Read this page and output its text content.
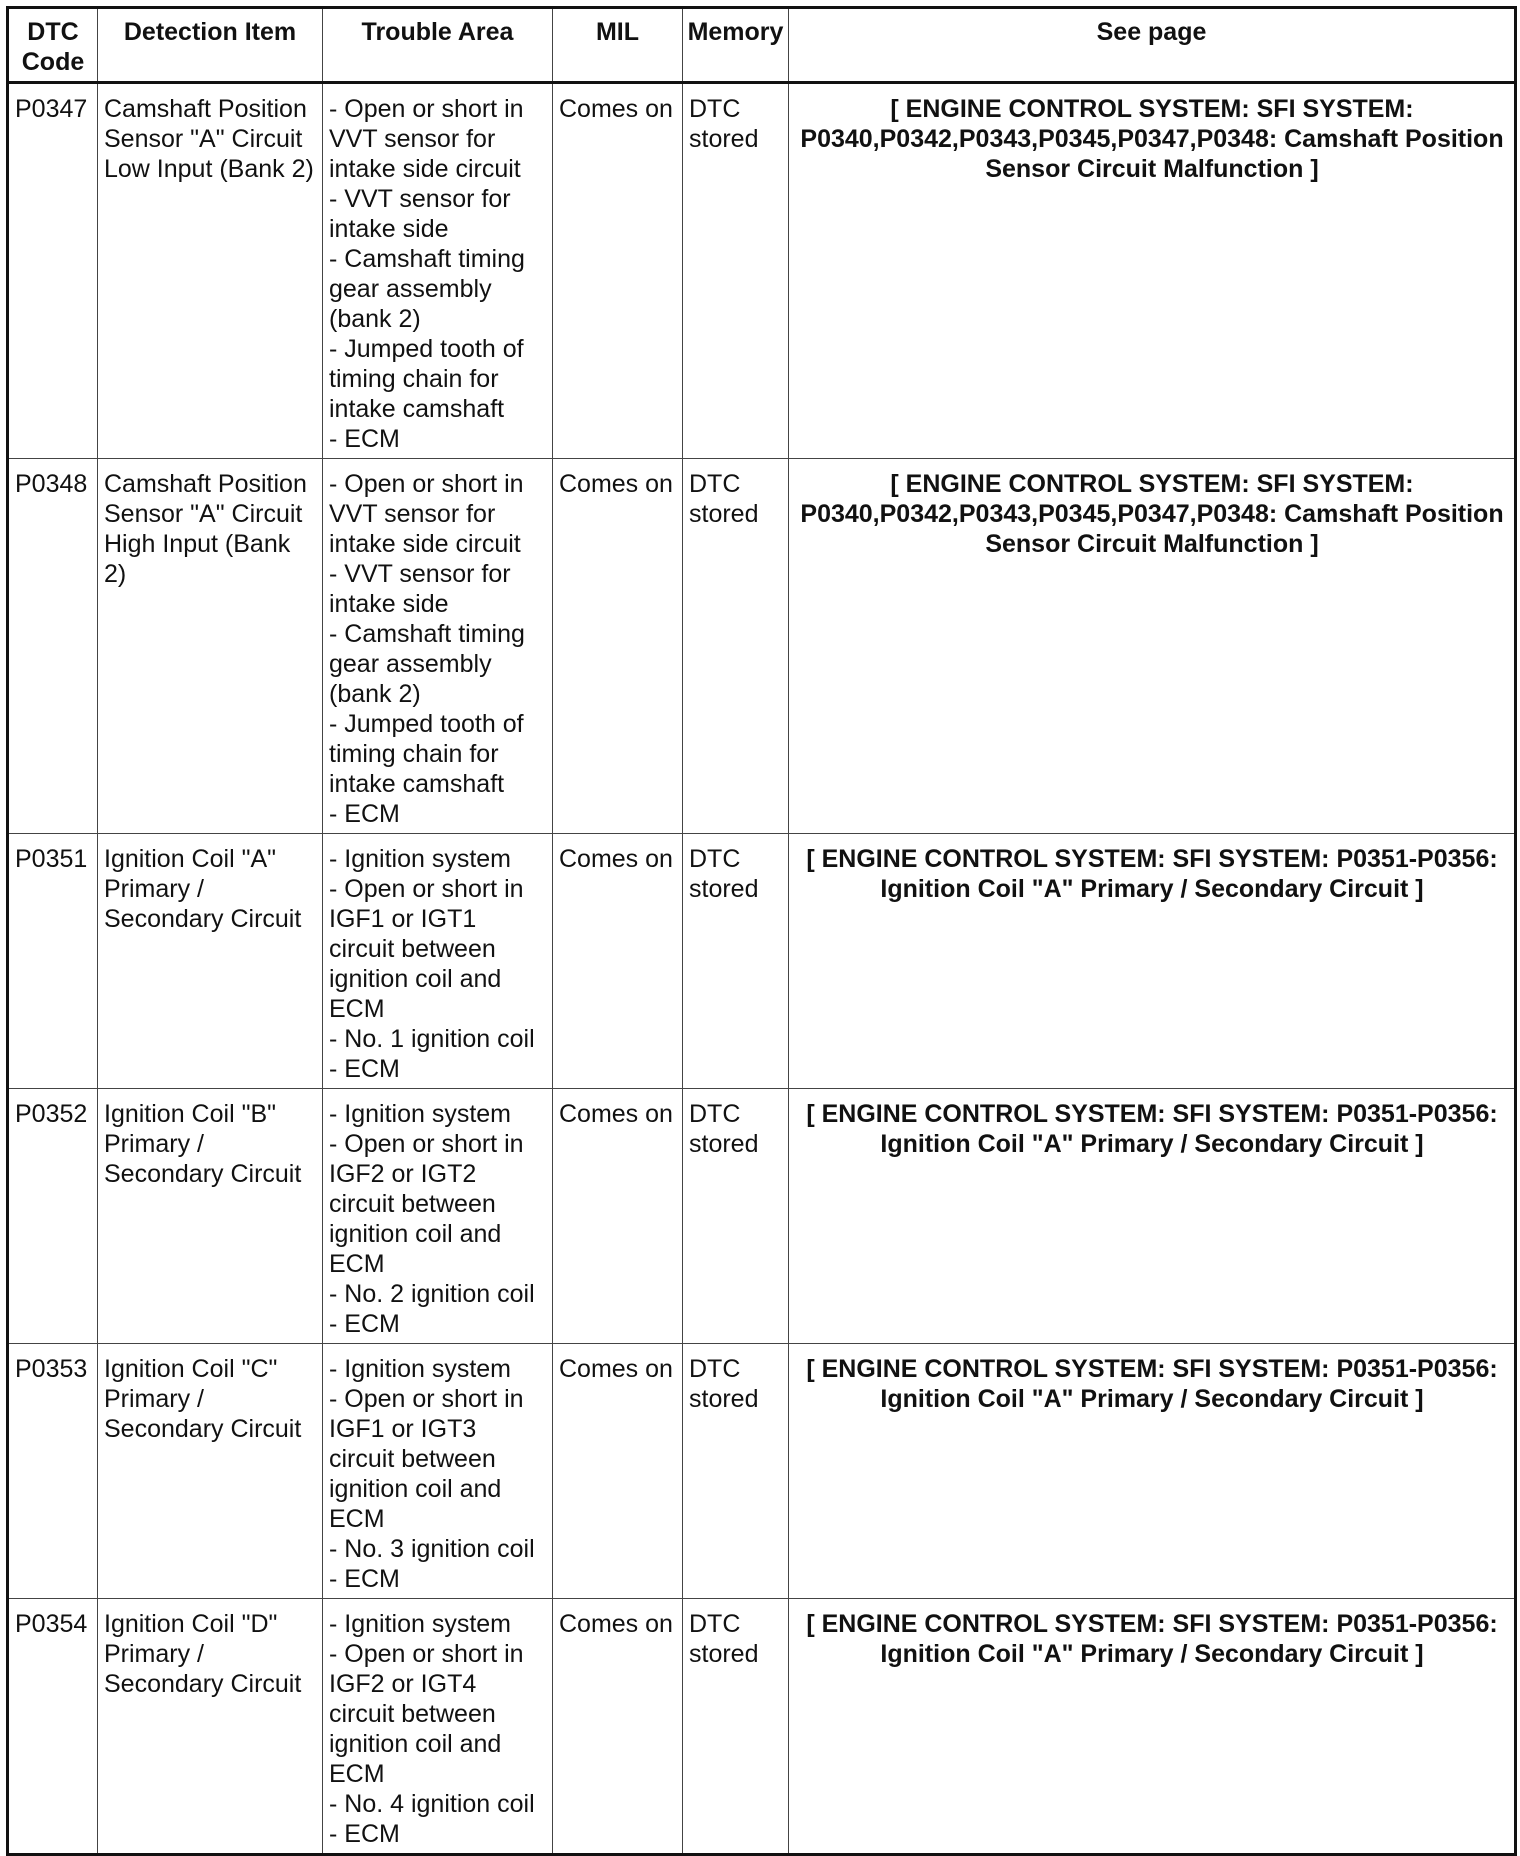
DTC
Code	Detection Item	Trouble Area	MIL	Memory	See page
P0347	Camshaft Position Sensor "A" Circuit Low Input (Bank 2)	- Open or short in VVT sensor for intake side circuit
- VVT sensor for intake side
- Camshaft timing gear assembly (bank 2)
- Jumped tooth of timing chain for intake camshaft
- ECM	Comes on	DTC stored	[ ENGINE CONTROL SYSTEM: SFI SYSTEM: P0340,P0342,P0343,P0345,P0347,P0348: Camshaft Position Sensor Circuit Malfunction ]
P0348	Camshaft Position Sensor "A" Circuit High Input (Bank 2)	- Open or short in VVT sensor for intake side circuit
- VVT sensor for intake side
- Camshaft timing gear assembly (bank 2)
- Jumped tooth of timing chain for intake camshaft
- ECM	Comes on	DTC stored	[ ENGINE CONTROL SYSTEM: SFI SYSTEM: P0340,P0342,P0343,P0345,P0347,P0348: Camshaft Position Sensor Circuit Malfunction ]
P0351	Ignition Coil "A" Primary / Secondary Circuit	- Ignition system
- Open or short in IGF1 or IGT1 circuit between ignition coil and ECM
- No. 1 ignition coil
- ECM	Comes on	DTC stored	[ ENGINE CONTROL SYSTEM: SFI SYSTEM: P0351-P0356: Ignition Coil "A" Primary / Secondary Circuit ]
P0352	Ignition Coil "B" Primary / Secondary Circuit	- Ignition system
- Open or short in IGF2 or IGT2 circuit between ignition coil and ECM
- No. 2 ignition coil
- ECM	Comes on	DTC stored	[ ENGINE CONTROL SYSTEM: SFI SYSTEM: P0351-P0356: Ignition Coil "A" Primary / Secondary Circuit ]
P0353	Ignition Coil "C" Primary / Secondary Circuit	- Ignition system
- Open or short in IGF1 or IGT3 circuit between ignition coil and ECM
- No. 3 ignition coil
- ECM	Comes on	DTC stored	[ ENGINE CONTROL SYSTEM: SFI SYSTEM: P0351-P0356: Ignition Coil "A" Primary / Secondary Circuit ]
P0354	Ignition Coil "D" Primary / Secondary Circuit	- Ignition system
- Open or short in IGF2 or IGT4 circuit between ignition coil and ECM
- No. 4 ignition coil
- ECM	Comes on	DTC stored	[ ENGINE CONTROL SYSTEM: SFI SYSTEM: P0351-P0356: Ignition Coil "A" Primary / Secondary Circuit ]
